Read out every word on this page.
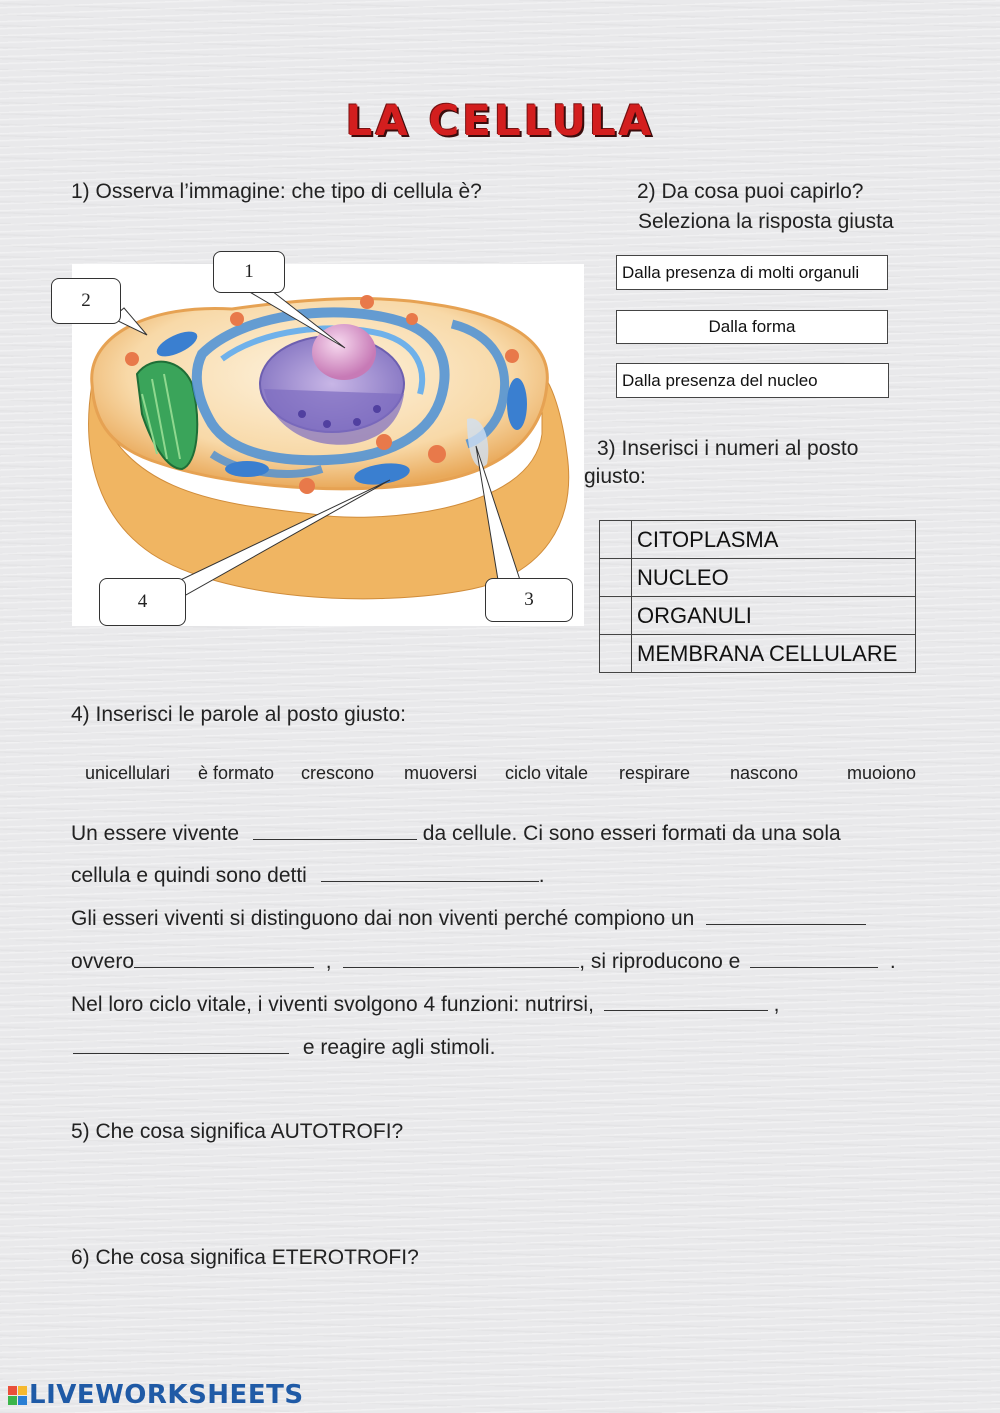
LA CELLULA
1) Osserva l’immagine: che tipo di cellula è?	2) Da cosa puoi capirlo?
Seleziona la risposta giusta
1
2
3
4
Dalla presenza di molti organuli
Dalla forma
Dalla presenza del nucleo
3) Inserisci i numeri al posto
giusto:
	CITOPLASMA
	NUCLEO
	ORGANULI
	MEMBRANA CELLULARE
4) Inserisci le parole al posto giusto:
unicellulari è formato crescono muoversi ciclo vitale respirare nascono	muoiono
Un essere vivente	da cellule. Ci sono esseri formati da una sola
cellula e quindi sono detti	.
Gli esseri viventi si distinguono dai non viventi perché compiono un
ovvero	,	, si riproducono e	.
Nel loro ciclo vitale, i viventi svolgono 4 funzioni: nutrirsi,	,
e reagire agli stimoli.
5) Che cosa significa AUTOTROFI?
6) Che cosa significa ETEROTROFI?
LIVEWORKSHEETS
